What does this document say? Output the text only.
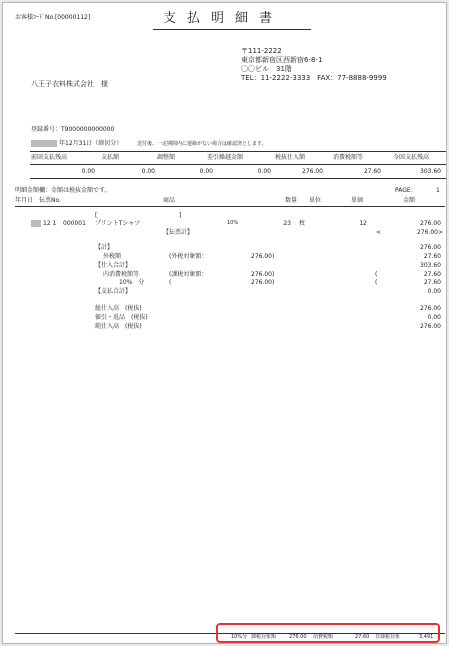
お客様ｺｰﾄﾞNo.[00000112]	支払明細書
〒111-2222
東京都新宿区西新宿6-8-1
〇〇ビル　31階
TEL：11-2222-3333　FAX：77-8888-9999
八王子衣料株式会社　様
登録番号：T9000000000000
年12月31日（締切分）	送付後、一定期間内に連絡がない場合は確認済とします。
前回支払残高	支払額	調整額	差引繰越金額	税抜仕入額	消費税額等	今回支払残高
0.00	0.00	0.00	0.00	276.00	27.60	303.60
明細金額欄：金額は税抜金額です。	PAGE：	1
年月日　伝票No.	商品	数量 単位	単価	金額
[	]
12 1 000001 プリントTシャツ	10%	23 枚	12	276.00
【伝票計】	<	276.00>
【計】	276.00
外税額	(外税対象額：	276.00)	27.60
【仕入合計】	303.60
内消費税額等	(課税対象額：	276.00)	(	27.60
10%　分	(	276.00)	(	27.60
【支払合計】	0.00
総仕入高　(税抜)	276.00
値引・返品　(税抜)	0.00
純仕入高　(税抜)	276.00
10%分 課税対象額	276.00 消費税額	27.60 非課税対象	3,491
